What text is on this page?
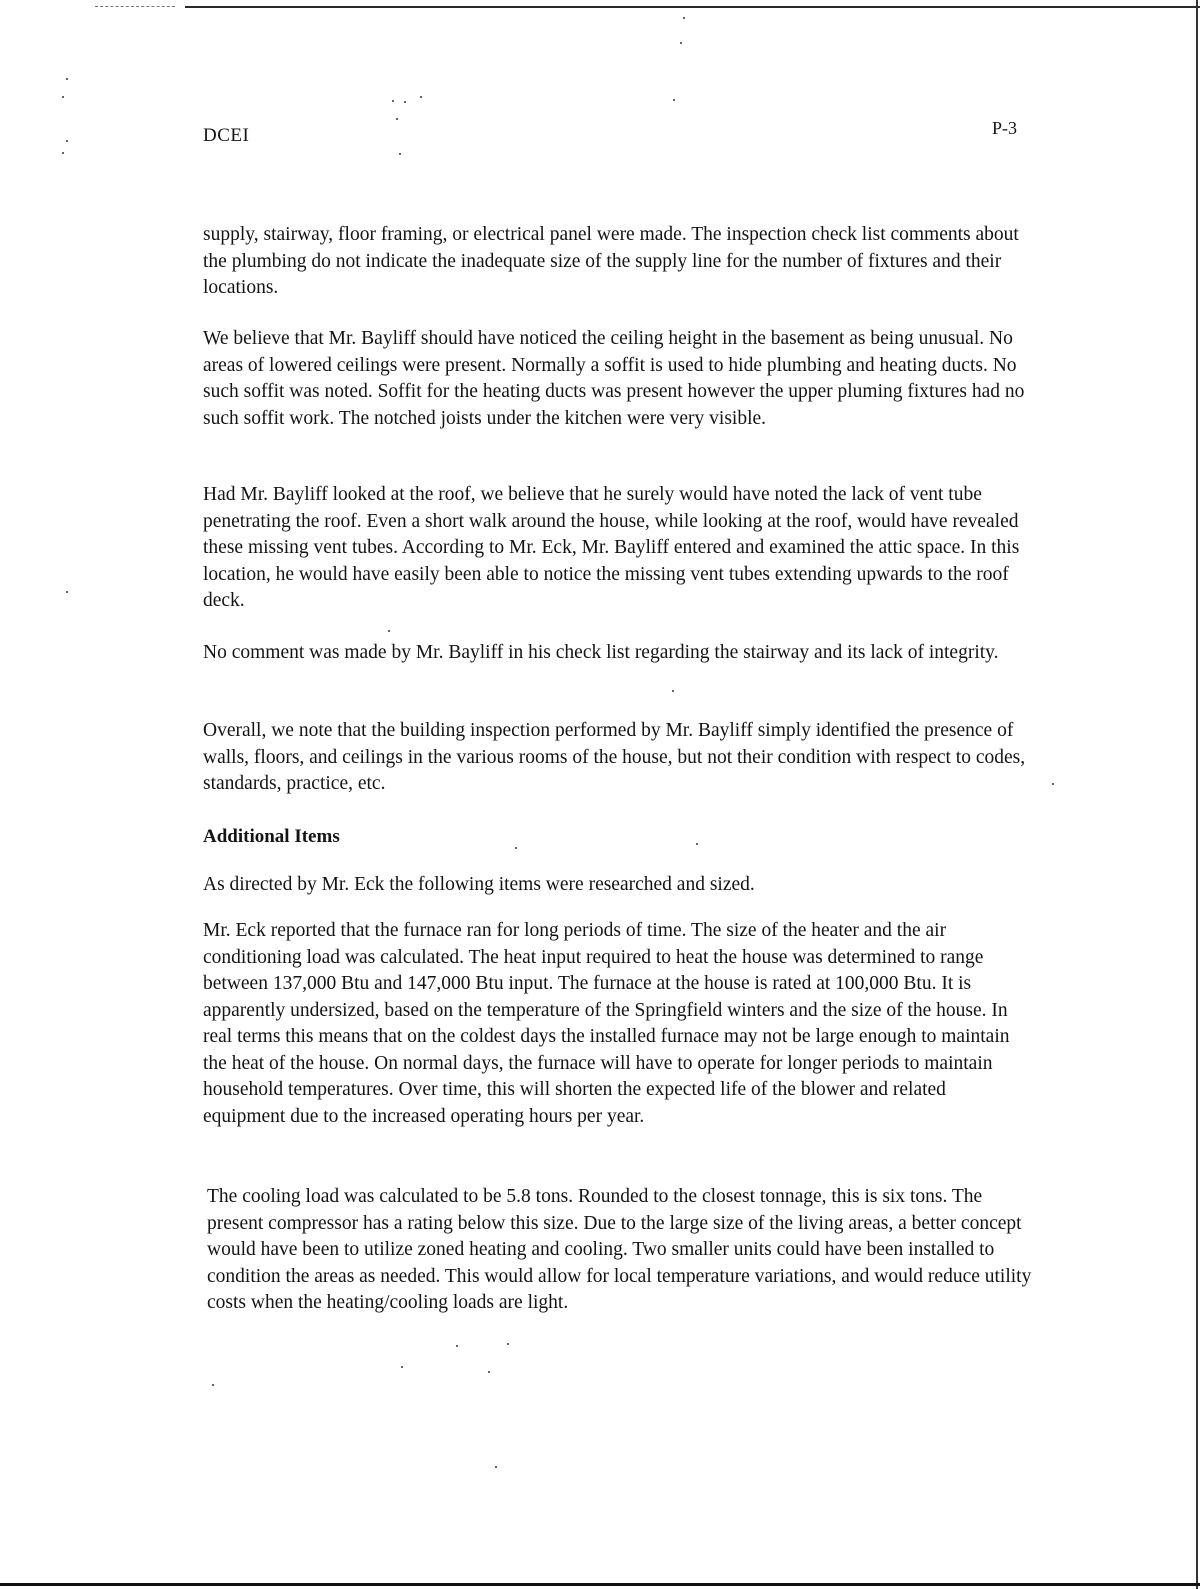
DCEI	P-3

supply, stairway, floor framing, or electrical panel were made. The inspection check list comments about the plumbing do not indicate the inadequate size of the supply line for the number of fixtures and their locations.

We believe that Mr. Bayliff should have noticed the ceiling height in the basement as being unusual. No areas of lowered ceilings were present. Normally a soffit is used to hide plumbing and heating ducts. No such soffit was noted. Soffit for the heating ducts was present however the upper pluming fixtures had no such soffit work. The notched joists under the kitchen were very visible.

Had Mr. Bayliff looked at the roof, we believe that he surely would have noted the lack of vent tube penetrating the roof. Even a short walk around the house, while looking at the roof, would have revealed these missing vent tubes. According to Mr. Eck, Mr. Bayliff entered and examined the attic space. In this location, he would have easily been able to notice the missing vent tubes extending upwards to the roof deck.

No comment was made by Mr. Bayliff in his check list regarding the stairway and its lack of integrity.

Overall, we note that the building inspection performed by Mr. Bayliff simply identified the presence of walls, floors, and ceilings in the various rooms of the house, but not their condition with respect to codes, standards, practice, etc.

Additional Items

As directed by Mr. Eck the following items were researched and sized.

Mr. Eck reported that the furnace ran for long periods of time. The size of the heater and the air conditioning load was calculated. The heat input required to heat the house was determined to range between 137,000 Btu and 147,000 Btu input. The furnace at the house is rated at 100,000 Btu. It is apparently undersized, based on the temperature of the Springfield winters and the size of the house. In real terms this means that on the coldest days the installed furnace may not be large enough to maintain the heat of the house. On normal days, the furnace will have to operate for longer periods to maintain household temperatures. Over time, this will shorten the expected life of the blower and related equipment due to the increased operating hours per year.

The cooling load was calculated to be 5.8 tons. Rounded to the closest tonnage, this is six tons. The present compressor has a rating below this size. Due to the large size of the living areas, a better concept would have been to utilize zoned heating and cooling. Two smaller units could have been installed to condition the areas as needed. This would allow for local temperature variations, and would reduce utility costs when the heating/cooling loads are light.
